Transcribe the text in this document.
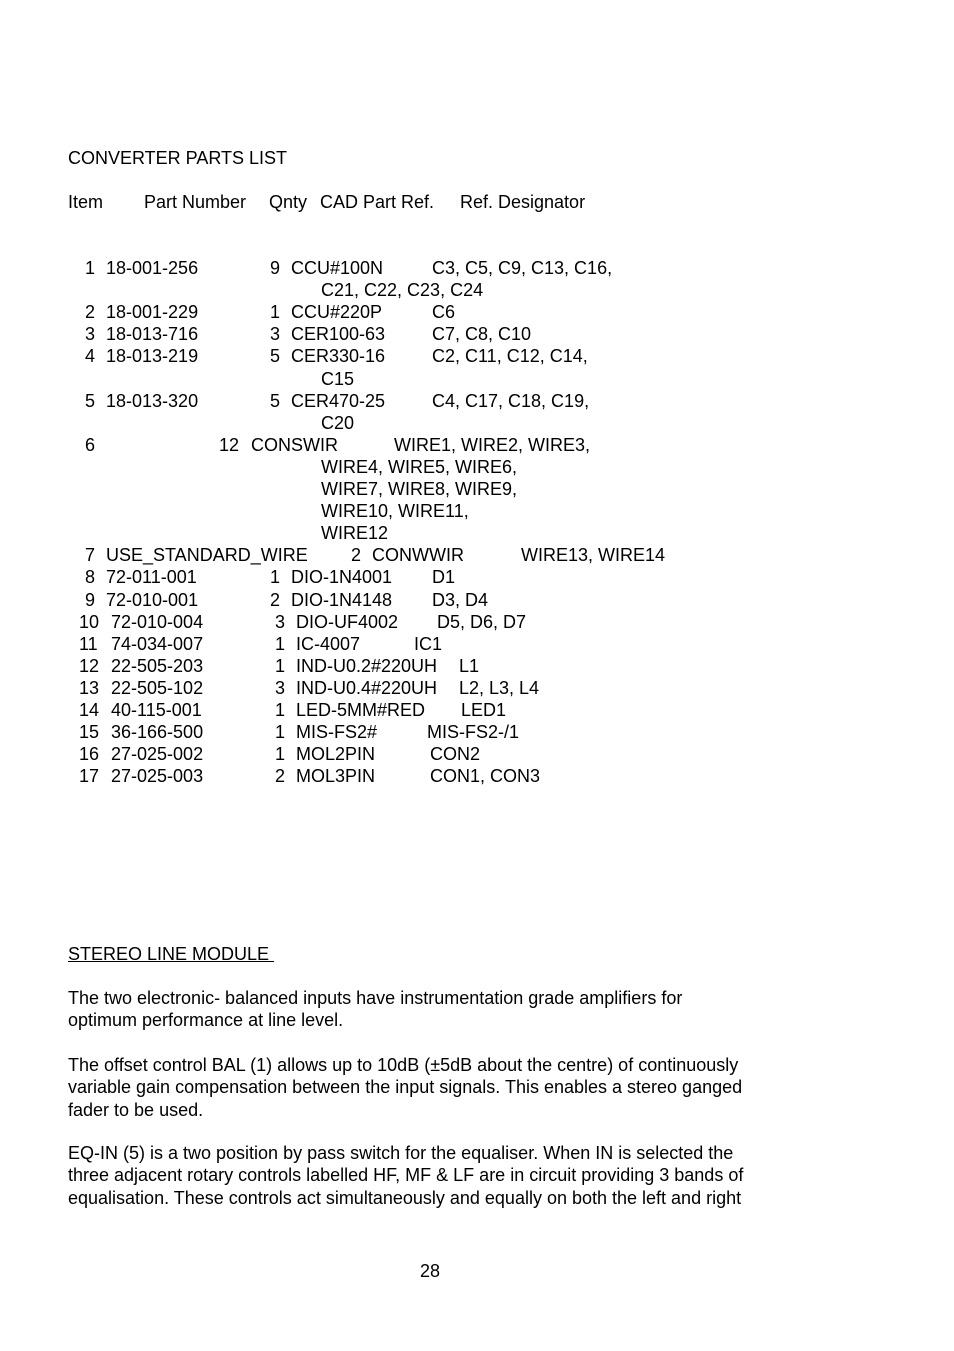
CONVERTER PARTS LIST
Item Part Number Qnty CAD Part Ref. Ref. Designator
1 18-001-256	9 CCU#100N	C3, C5, C9, C13, C16,
C21, C22, C23, C24
2 18-001-229	1 CCU#220P	C6
3 18-013-716	3 CER100-63	C7, C8, C10
4 18-013-219	5 CER330-16	C2, C11, C12, C14,
C15
5 18-013-320	5 CER470-25	C4, C17, C18, C19,
C20
6	12 CONSWIR	WIRE1, WIRE2, WIRE3,
WIRE4, WIRE5, WIRE6,
WIRE7, WIRE8, WIRE9,
WIRE10, WIRE11,
WIRE12
7 USE_STANDARD_WIRE 2 CONWWIR	WIRE13, WIRE14
8 72-011-001	1 DIO-1N4001 D1
9 72-010-001	2 DIO-1N4148 D3, D4
10 72-010-004	3 DIO-UF4002 D5, D6, D7
11 74-034-007	1 IC-4007	IC1
12 22-505-203	1 IND-U0.2#220UH L1
13 22-505-102	3 IND-U0.4#220UH L2, L3, L4
14 40-115-001	1 LED-5MM#RED LED1
15 36-166-500	1 MIS-FS2#	MIS-FS2-/1
16 27-025-002	1 MOL2PIN	CON2
17 27-025-003	2 MOL3PIN	CON1, CON3
STEREO LINE MODULE
The two electronic- balanced inputs have instrumentation grade amplifiers for
optimum performance at line level.
The offset control BAL (1) allows up to 10dB (±5dB about the centre) of continuously
variable gain compensation between the input signals. This enables a stereo ganged
fader to be used.
EQ-IN (5) is a two position by pass switch for the equaliser. When IN is selected the
three adjacent rotary controls labelled HF, MF & LF are in circuit providing 3 bands of
equalisation. These controls act simultaneously and equally on both the left and right
28
